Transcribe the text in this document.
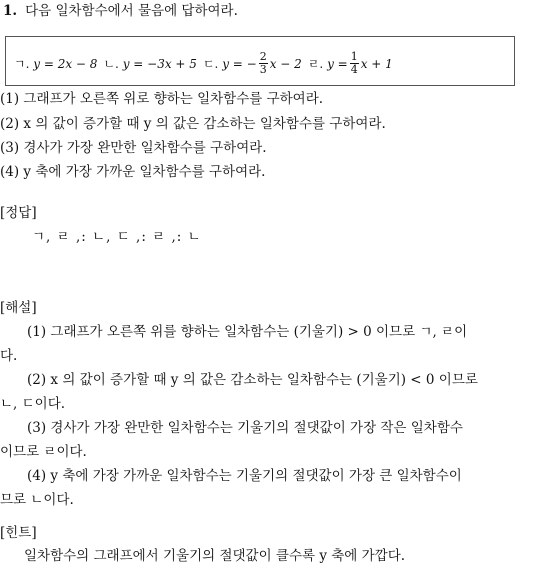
1. 다음 일차함수에서 물음에 답하여라.
ㄱ.
y = 2x − 8 ㄴ.
y = −3x + 5 ㄷ.
y = − $\frac{2}{3}$ x − 2 ㄹ.
$y = \frac{1}{4}$ x + 1
(1) 그래프가 오른쪽 위로 향하는 일차함수를 구하여라.
(2) x 의 값이 증가할 때 y 의 값은 감소하는 일차함수를 구하여라.
(3) 경사가 가장 완만한 일차함수를 구하여라.
(4) y 축에 가장 가까운 일차함수를 구하여라.
[정답]
ㄱ, ㄹ ,: ㄴ, ㄷ ,: ㄹ ,: ㄴ
[해설]
(1) 그래프가 오른쪽 위를 향하는 일차함수는 (기울기) > 0 이므로 ㄱ, ㄹ이
다.
(2) x 의 값이 증가할 때 y 의 값은 감소하는 일차함수는 (기울기) < 0 이므로
ㄴ, ㄷ이다.
(3) 경사가 가장 완만한 일차함수는 기울기의 절댓값이 가장 작은 일차함수
이므로 ㄹ이다.
(4) y 축에 가장 가까운 일차함수는 기울기의 절댓값이 가장 큰 일차함수이
므로 ㄴ이다.
[힌트]
일차함수의 그래프에서 기울기의 절댓값이 클수록 y 축에 가깝다.
